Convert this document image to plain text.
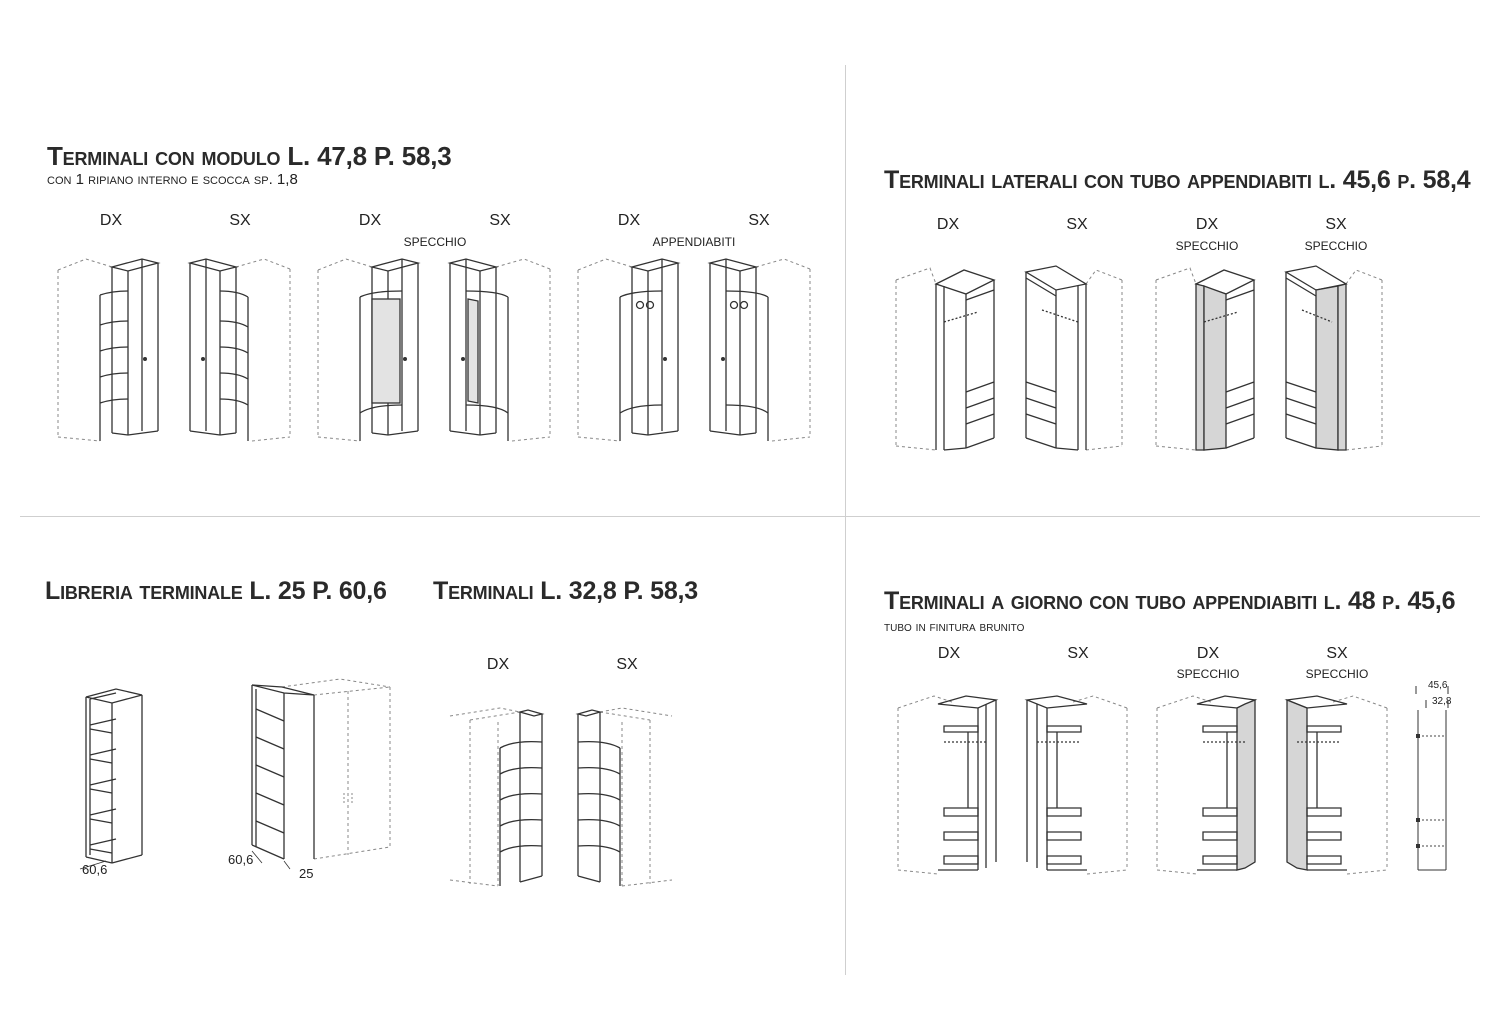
Terminali con modulo L. 47,8 P. 58,3
con 1 ripiano interno e scocca sp. 1,8
DX	SX	DX	SX	DX	SX
SPECCHIO	APPENDIABITI
Terminali laterali con tubo appendiabiti l. 45,6 p. 58,4
DX	SX	DX	SX
SPECCHIO	SPECCHIO
Libreria terminale L. 25 P. 60,6 Terminali L. 32,8 P. 58,3
60,6
60,6
25
DX	SX
Terminali a giorno con tubo appendiabiti l. 48 p. 45,6
tubo in finitura brunito
DX	SX	DX	SX
SPECCHIO	SPECCHIO
45,6
32,8
